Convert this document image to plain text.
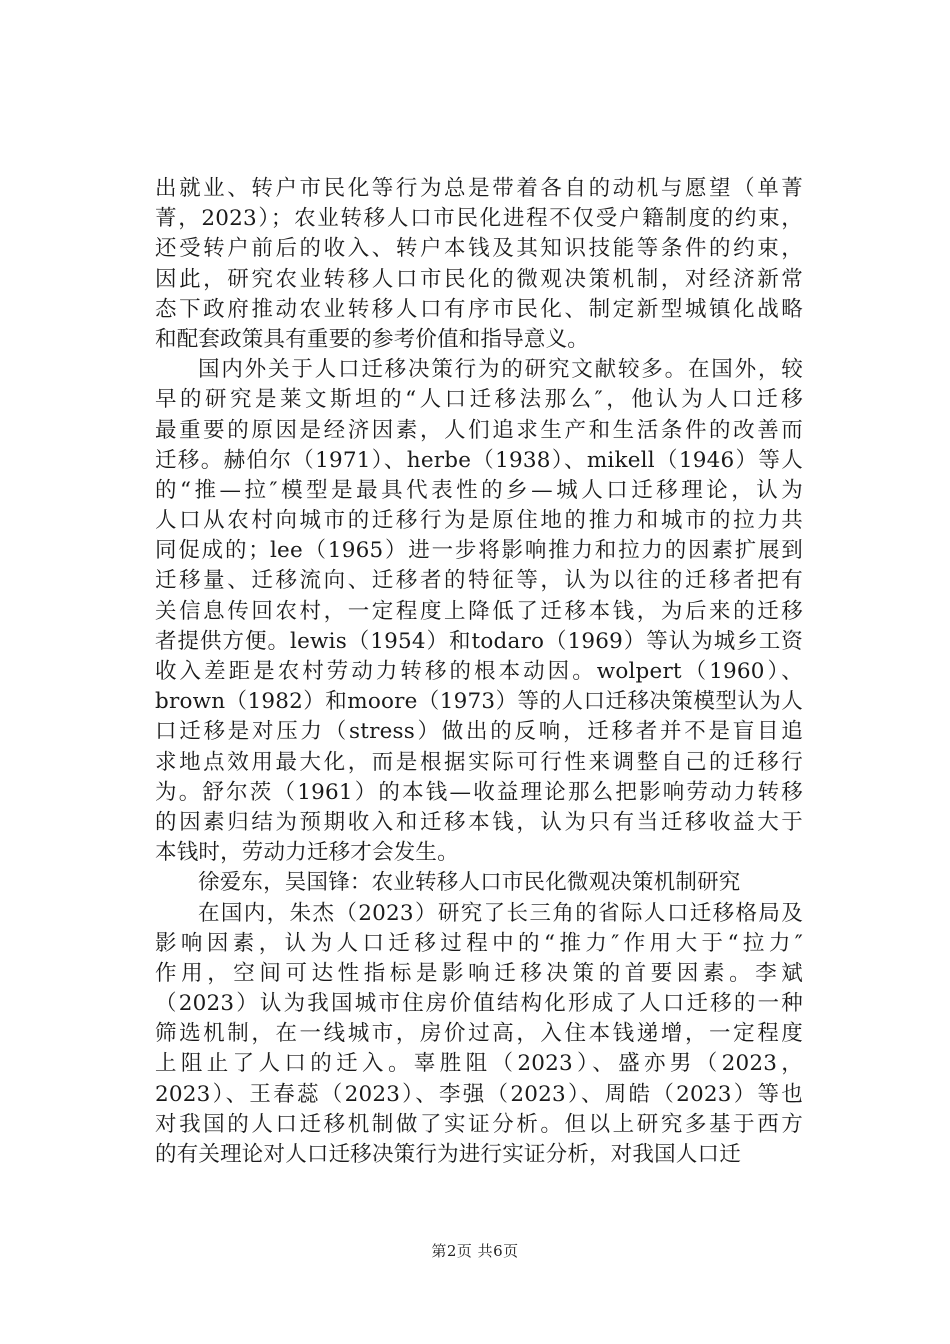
出就业、转户市民化等行为总是带着各自的动机与愿望（单菁
菁，2023）；农业转移人口市民化进程不仅受户籍制度的约束，
还受转户前后的收入、转户本钱及其知识技能等条件的约束，
因此，研究农业转移人口市民化的微观决策机制，对经济新常
态下政府推动农业转移人口有序市民化、制定新型城镇化战略
和配套政策具有重要的参考价值和指导意义。
国内外关于人口迁移决策行为的研究文献较多。在国外，较
早的研究是莱文斯坦的“人口迁移法那么″，他认为人口迁移
最重要的原因是经济因素，人们追求生产和生活条件的改善而
迁移。赫伯尔（1971）、herbe（1938）、mikell（1946）等人
的“推—拉″模型是最具代表性的乡—城人口迁移理论，认为
人口从农村向城市的迁移行为是原住地的推力和城市的拉力共
同促成的；lee（1965）进一步将影响推力和拉力的因素扩展到
迁移量、迁移流向、迁移者的特征等，认为以往的迁移者把有
关信息传回农村，一定程度上降低了迁移本钱，为后来的迁移
者提供方便。lewis（1954）和todaro（1969）等认为城乡工资
收入差距是农村劳动力转移的根本动因。wolpert（1960）、
brown（1982）和moore（1973）等的人口迁移决策模型认为人
口迁移是对压力（stress）做出的反响，迁移者并不是盲目追
求地点效用最大化，而是根据实际可行性来调整自己的迁移行
为。舒尔茨（1961）的本钱—收益理论那么把影响劳动力转移
的因素归结为预期收入和迁移本钱，认为只有当迁移收益大于
本钱时，劳动力迁移才会发生。
徐爱东，吴国锋：农业转移人口市民化微观决策机制研究
在国内，朱杰（2023）研究了长三角的省际人口迁移格局及
影响因素，认为人口迁移过程中的“推力″作用大于“拉力″
作用，空间可达性指标是影响迁移决策的首要因素。李斌
（2023）认为我国城市住房价值结构化形成了人口迁移的一种
筛选机制，在一线城市，房价过高，入住本钱递增，一定程度
上阻止了人口的迁入。辜胜阻（2023）、盛亦男（2023，
2023）、王春蕊（2023）、李强（2023）、周皓（2023）等也
对我国的人口迁移机制做了实证分析。但以上研究多基于西方
的有关理论对人口迁移决策行为进行实证分析，对我国人口迁
第2页 共6页
